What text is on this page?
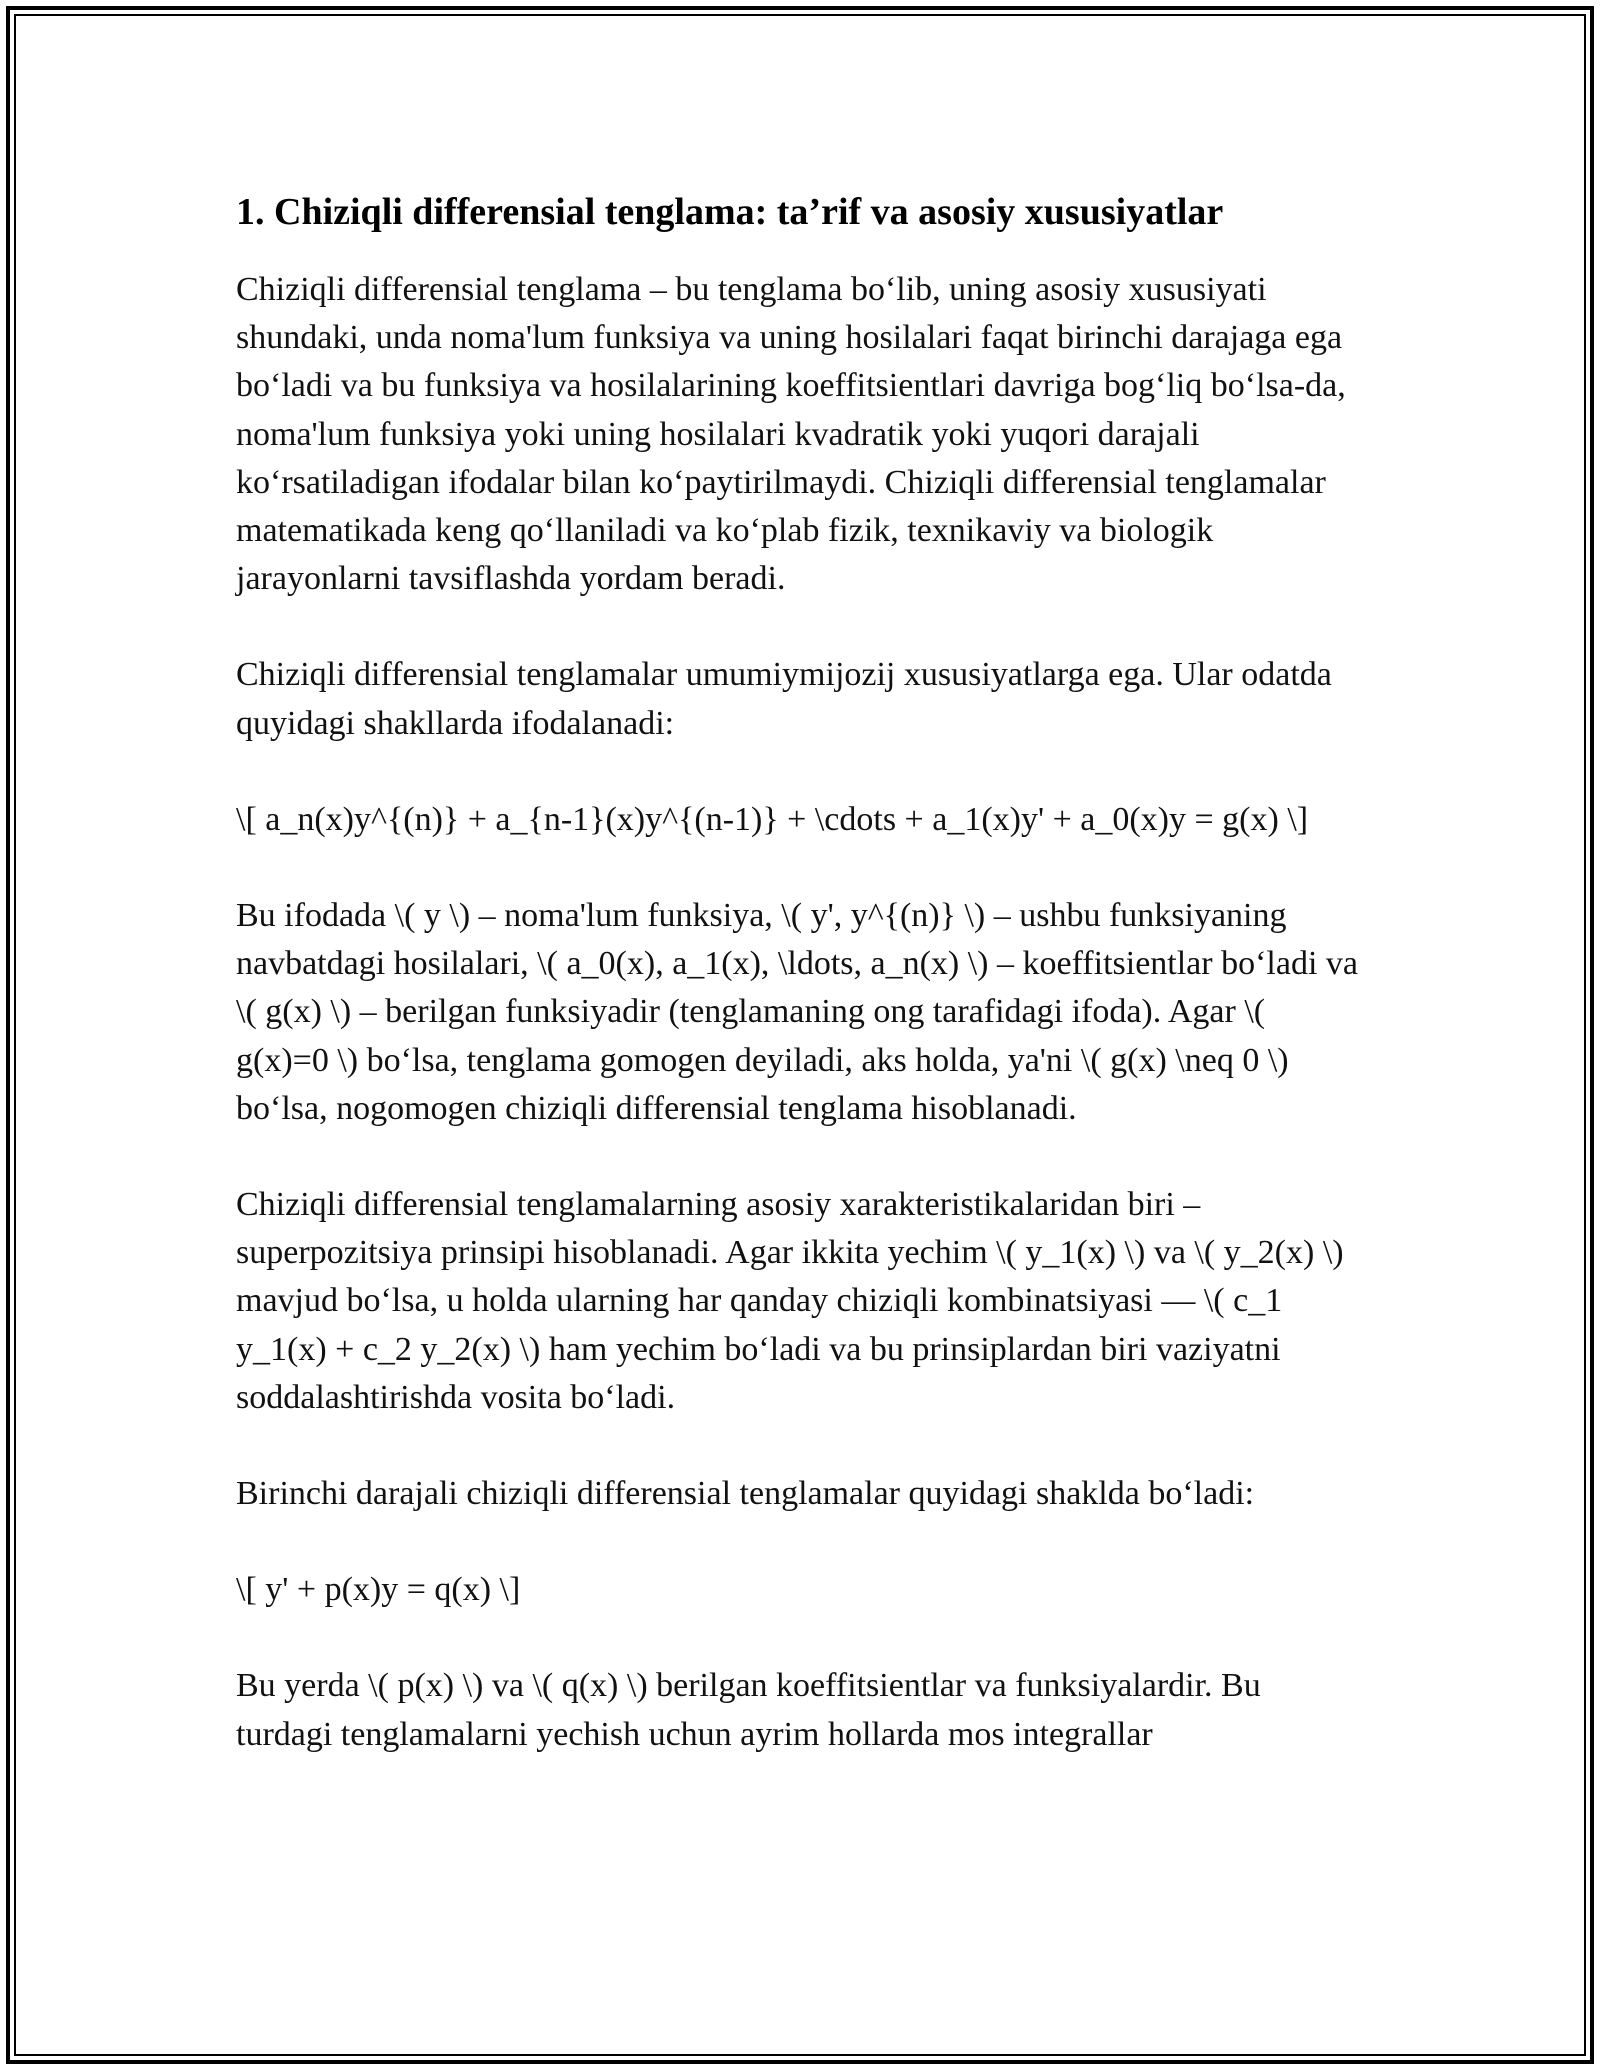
1. Chiziqli differensial tenglama: ta’rif va asosiy xususiyatlar

Chiziqli differensial tenglama – bu tenglama bo‘lib, uning asosiy xususiyati shundaki, unda noma'lum funksiya va uning hosilalari faqat birinchi darajaga ega bo‘ladi va bu funksiya va hosilalarining koeffitsientlari davriga bog‘liq bo‘lsa-da, noma'lum funksiya yoki uning hosilalari kvadratik yoki yuqori darajali ko‘rsatiladigan ifodalar bilan ko‘paytirilmaydi. Chiziqli differensial tenglamalar matematikada keng qo‘llaniladi va ko‘plab fizik, texnikaviy va biologik jarayonlarni tavsiflashda yordam beradi.

Chiziqli differensial tenglamalar umumiymijozij xususiyatlarga ega. Ular odatda quyidagi shakllarda ifodalanadi:

\[ a_n(x)y^{(n)} + a_{n-1}(x)y^{(n-1)} + \cdots + a_1(x)y' + a_0(x)y = g(x) \]

Bu ifodada \( y \) – noma'lum funksiya, \( y', y^{(n)} \) – ushbu funksiyaning navbatdagi hosilalari, \( a_0(x), a_1(x), \ldots, a_n(x) \) – koeffitsientlar bo‘ladi va \( g(x) \) – berilgan funksiyadir (tenglamaning ong tarafidagi ifoda). Agar \( g(x)=0 \) bo‘lsa, tenglama gomogen deyiladi, aks holda, ya'ni \( g(x) \neq 0 \) bo‘lsa, nogomogen chiziqli differensial tenglama hisoblanadi.

Chiziqli differensial tenglamalarning asosiy xarakteristikalaridan biri – superpozitsiya prinsipi hisoblanadi. Agar ikkita yechim \( y_1(x) \) va \( y_2(x) \) mavjud bo‘lsa, u holda ularning har qanday chiziqli kombinatsiyasi — \( c_1 y_1(x) + c_2 y_2(x) \) ham yechim bo‘ladi va bu prinsiplardan biri vaziyatni soddalashtirishda vosita bo‘ladi.

Birinchi darajali chiziqli differensial tenglamalar quyidagi shaklda bo‘ladi:

\[ y' + p(x)y = q(x) \]

Bu yerda \( p(x) \) va \( q(x) \) berilgan koeffitsientlar va funksiyalardir. Bu turdagi tenglamalarni yechish uchun ayrim hollarda mos integrallar
